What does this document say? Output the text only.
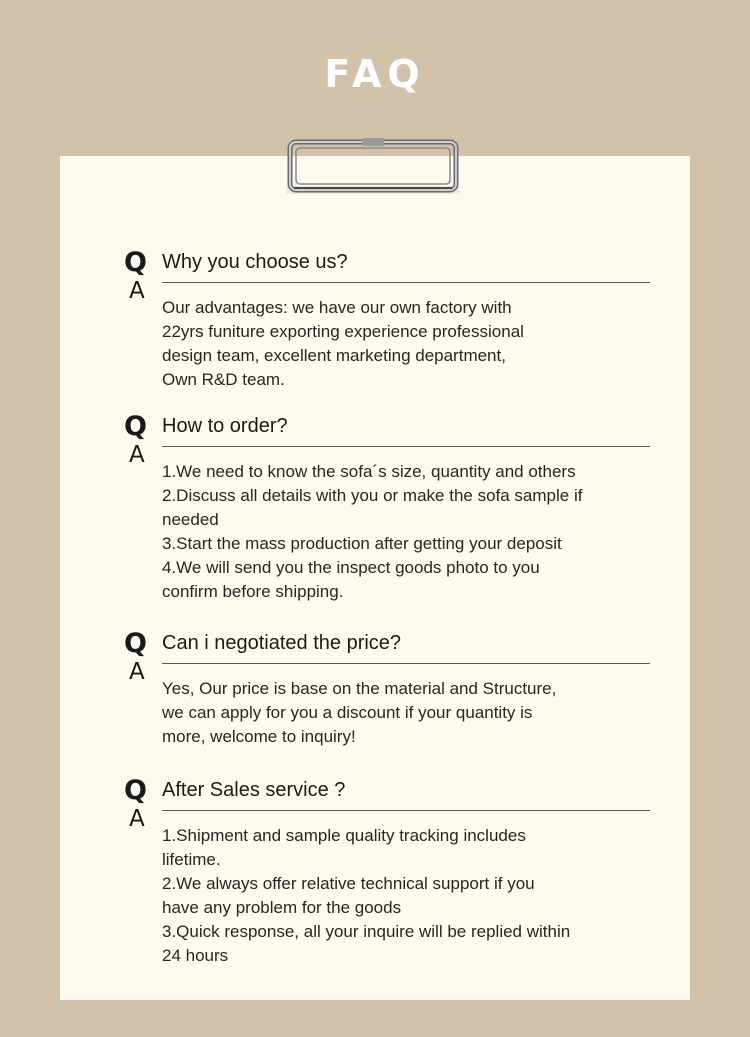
FAQ
Q
A
Why you choose us?
Our advantages: we have our own factory with
22yrs funiture exporting experience professional
design team, excellent marketing department,
Own R&D team.
Q
A
How to order?
1.We need to know the sofa´s size, quantity and others
2.Discuss all details with you or make the sofa sample if
needed
3.Start the mass production after getting your deposit
4.We will send you the inspect goods photo to you
confirm before shipping.
Q
A
Can i negotiated the price?
Yes, Our price is base on the material and Structure,
we can apply for you a discount if your quantity is
more, welcome to inquiry!
Q
A
After Sales service ?
1.Shipment and sample quality tracking includes
lifetime.
2.We always offer relative technical support if you
have any problem for the goods
3.Quick response, all your inquire will be replied within
24 hours
